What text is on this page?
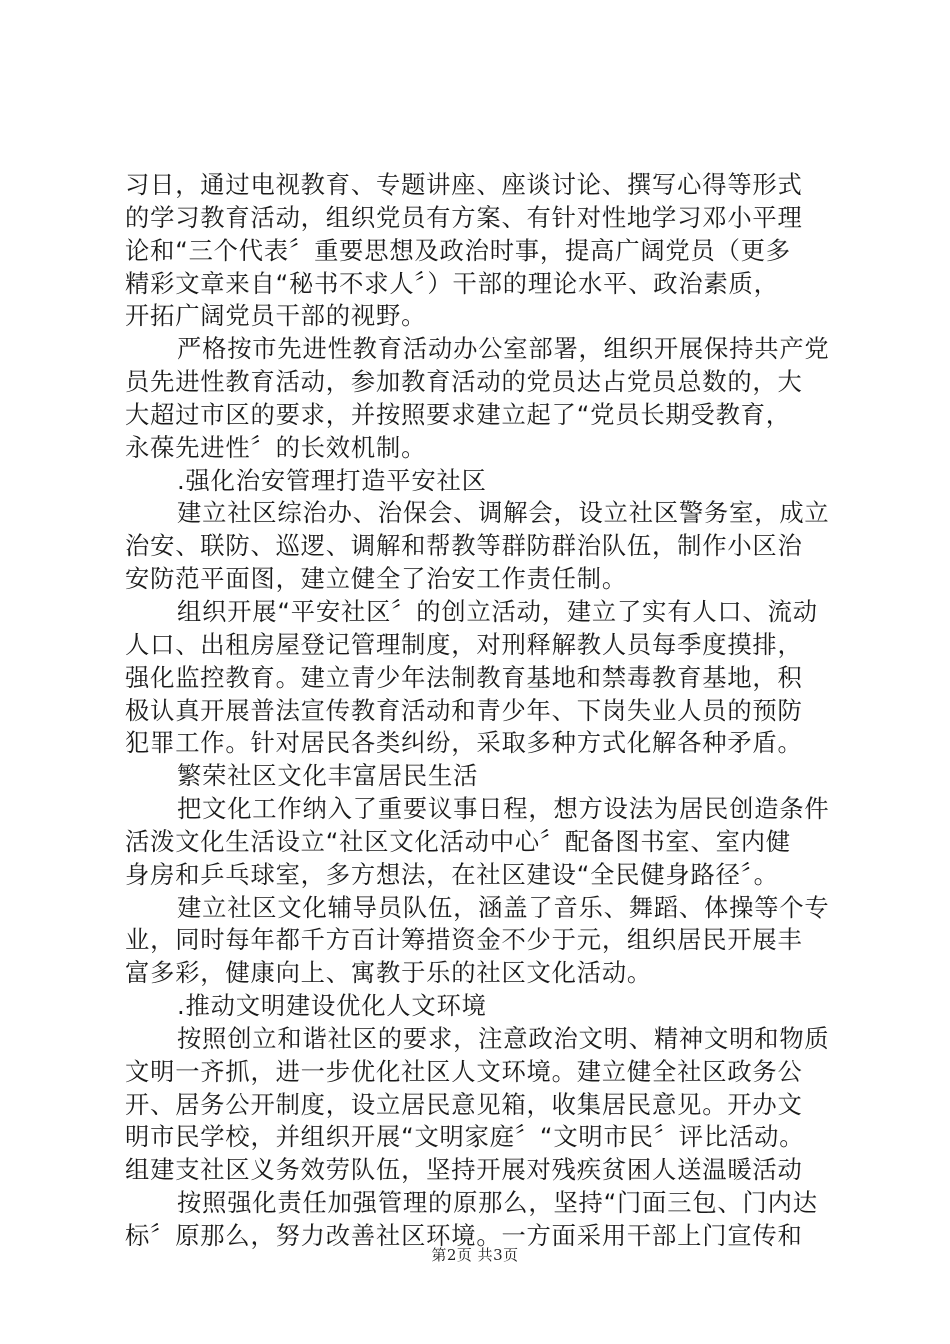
习日，通过电视教育、专题讲座、座谈讨论、撰写心得等形式
的学习教育活动，组织党员有方案、有针对性地学习邓小平理
论和“三个代表〞重要思想及政治时事，提高广阔党员（更多
精彩文章来自“秘书不求人〞）干部的理论水平、政治素质，
开拓广阔党员干部的视野。
严格按市先进性教育活动办公室部署，组织开展保持共产党
员先进性教育活动，参加教育活动的党员达占党员总数的，大
大超过市区的要求，并按照要求建立起了“党员长期受教育，
永葆先进性〞的长效机制。
.强化治安管理打造平安社区
建立社区综治办、治保会、调解会，设立社区警务室，成立
治安、联防、巡逻、调解和帮教等群防群治队伍，制作小区治
安防范平面图，建立健全了治安工作责任制。
组织开展“平安社区〞的创立活动，建立了实有人口、流动
人口、出租房屋登记管理制度，对刑释解教人员每季度摸排，
强化监控教育。建立青少年法制教育基地和禁毒教育基地，积
极认真开展普法宣传教育活动和青少年、下岗失业人员的预防
犯罪工作。针对居民各类纠纷，采取多种方式化解各种矛盾。
繁荣社区文化丰富居民生活
把文化工作纳入了重要议事日程，想方设法为居民创造条件
活泼文化生活设立“社区文化活动中心〞配备图书室、室内健
身房和乒乓球室，多方想法，在社区建设“全民健身路径〞。
建立社区文化辅导员队伍，涵盖了音乐、舞蹈、体操等个专
业，同时每年都千方百计筹措资金不少于元，组织居民开展丰
富多彩，健康向上、寓教于乐的社区文化活动。
.推动文明建设优化人文环境
按照创立和谐社区的要求，注意政治文明、精神文明和物质
文明一齐抓，进一步优化社区人文环境。建立健全社区政务公
开、居务公开制度，设立居民意见箱，收集居民意见。开办文
明市民学校，并组织开展“文明家庭〞“文明市民〞评比活动。
组建支社区义务效劳队伍，坚持开展对残疾贫困人送温暖活动
按照强化责任加强管理的原那么，坚持“门面三包、门内达
标〞原那么，努力改善社区环境。一方面采用干部上门宣传和
第2页 共3页
